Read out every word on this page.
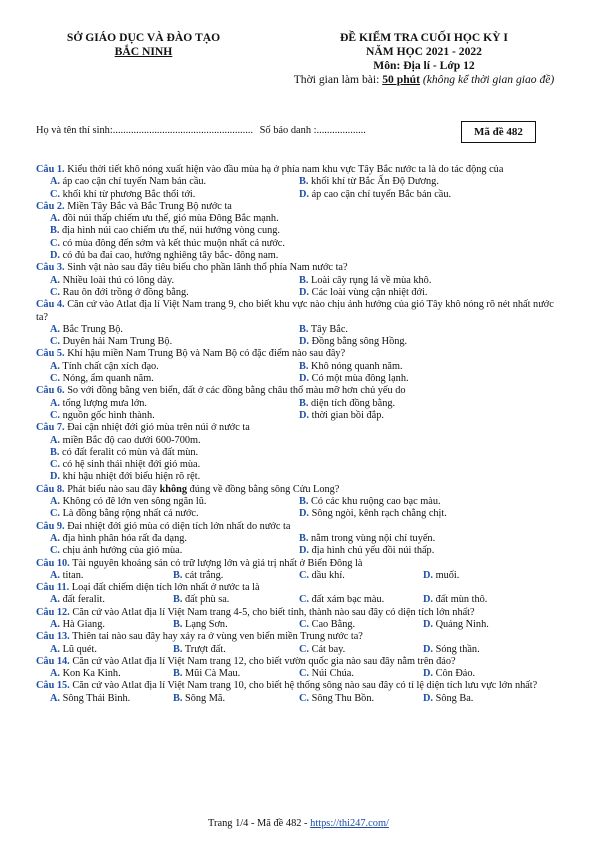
SỞ GIÁO DỤC VÀ ĐÀO TẠO
BẮC NINH
ĐỀ KIỂM TRA CUỐI HỌC KỲ I
NĂM HỌC 2021 - 2022
Môn: Địa lí - Lớp 12
Thời gian làm bài: 50 phút (không kể thời gian giao đề)
Họ và tên thí sinh:...................................................... Số báo danh :...................	Mã đề 482
Câu 1. Kiểu thời tiết khô nóng xuất hiện vào đầu mùa hạ ở phía nam khu vực Tây Bắc nước ta là do tác động của
A. áp cao cận chí tuyến Nam bán cầu.	B. khối khí từ Bắc Ấn Độ Dương.
C. khối khí từ phương Bắc thổi tới.	D. áp cao cận chí tuyến Bắc bán cầu.
Câu 2. Miền Tây Bắc và Bắc Trung Bộ nước ta
A. đồi núi thấp chiếm ưu thế, gió mùa Đông Bắc mạnh.
B. địa hình núi cao chiếm ưu thế, núi hướng vòng cung.
C. có mùa đông đến sớm và kết thúc muộn nhất cả nước.
D. có đủ ba đai cao, hướng nghiêng tây bắc- đông nam.
Câu 3. Sinh vật nào sau đây tiêu biểu cho phần lãnh thổ phía Nam nước ta?
A. Nhiều loài thú có lông dày.	B. Loài cây rụng lá về mùa khô.
C. Rau ôn đới trồng ở đồng bằng.	D. Các loài vùng cận nhiệt đới.
Câu 4. Căn cứ vào Atlat địa lí Việt Nam trang 9, cho biết khu vực nào chịu ảnh hưởng của gió Tây khô nóng rõ nét nhất nước ta?
A. Bắc Trung Bộ.	B. Tây Bắc.
C. Duyên hải Nam Trung Bộ.	D. Đồng bằng sông Hồng.
Câu 5. Khí hậu miền Nam Trung Bộ và Nam Bộ có đặc điểm nào sau đây?
A. Tính chất cận xích đạo.	B. Khô nóng quanh năm.
C. Nóng, ẩm quanh năm.	D. Có một mùa đông lạnh.
Câu 6. So với đồng bằng ven biển, đất ở các đồng bằng châu thổ màu mỡ hơn chủ yếu do
A. tổng lượng mưa lớn.	B. diện tích đồng bằng.
C. nguồn gốc hình thành.	D. thời gian bồi đắp.
Câu 7. Đai cận nhiệt đới gió mùa trên núi ở nước ta
A. miền Bắc độ cao dưới 600-700m.
B. có đất feralit có mùn và đất mùn.
C. có hệ sinh thái nhiệt đới gió mùa.
D. khí hậu nhiệt đới biểu hiện rõ rệt.
Câu 8. Phát biểu nào sau đây không đúng về đồng bằng sông Cửu Long?
A. Không có đê lớn ven sông ngăn lũ.	B. Có các khu ruộng cao bạc màu.
C. Là đồng bằng rộng nhất cả nước.	D. Sông ngòi, kênh rạch chằng chịt.
Câu 9. Đai nhiệt đới gió mùa có diện tích lớn nhất do nước ta
A. địa hình phân hóa rất đa dạng.	B. nằm trong vùng nội chí tuyến.
C. chịu ảnh hưởng của gió mùa.	D. địa hình chủ yếu đồi núi thấp.
Câu 10. Tài nguyên khoáng sản có trữ lượng lớn và giá trị nhất ở Biển Đông là
A. titan.	B. cát trắng.	C. dầu khí.	D. muối.
Câu 11. Loại đất chiếm diện tích lớn nhất ở nước ta là
A. đất feralit.	B. đất phù sa.	C. đất xám bạc màu.	D. đất mùn thô.
Câu 12. Căn cứ vào Atlat địa lí Việt Nam trang 4-5, cho biết tỉnh, thành nào sau đây có diện tích lớn nhất?
A. Hà Giang.	B. Lạng Sơn.	C. Cao Bằng.	D. Quảng Ninh.
Câu 13. Thiên tai nào sau đây hay xảy ra ở vùng ven biển miền Trung nước ta?
A. Lũ quét.	B. Trượt đất.	C. Cát bay.	D. Sóng thần.
Câu 14. Căn cứ vào Atlat địa lí Việt Nam trang 12, cho biết vườn quốc gia nào sau đây nằm trên đảo?
A. Kon Ka Kinh.	B. Mũi Cà Mau.	C. Núi Chúa.	D. Côn Đảo.
Câu 15. Căn cứ vào Atlat địa lí Việt Nam trang 10, cho biết hệ thống sông nào sau đây có tỉ lệ diện tích lưu vực lớn nhất?
A. Sông Thái Bình.	B. Sông Mã.	C. Sông Thu Bồn.	D. Sông Ba.
Trang 1/4 - Mã đề 482 - https://thi247.com/
